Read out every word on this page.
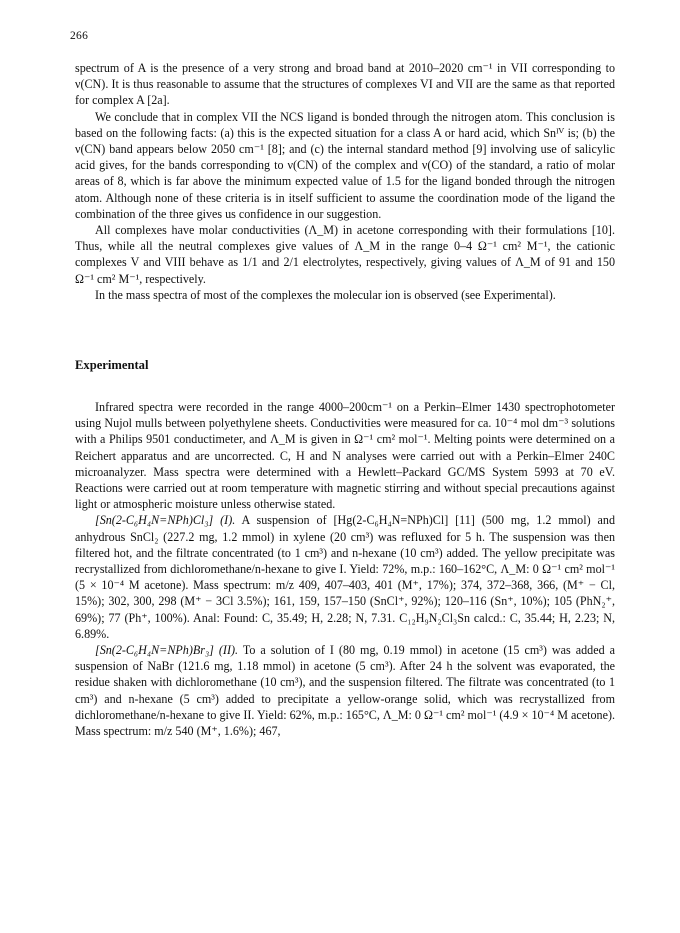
266

spectrum of A is the presence of a very strong and broad band at 2010–2020 cm⁻¹ in VII corresponding to ν(CN). It is thus reasonable to assume that the structures of complexes VI and VII are the same as that reported for complex A [2a].

We conclude that in complex VII the NCS ligand is bonded through the nitrogen atom. This conclusion is based on the following facts: (a) this is the expected situation for a class A or hard acid, which Snᴵⱽ is; (b) the ν(CN) band appears below 2050 cm⁻¹ [8]; and (c) the internal standard method [9] involving use of salicylic acid gives, for the bands corresponding to ν(CN) of the complex and ν(CO) of the standard, a ratio of molar areas of 8, which is far above the minimum expected value of 1.5 for the ligand bonded through the nitrogen atom. Although none of these criteria is in itself sufficient to assume the coordination mode of the ligand the combination of the three gives us confidence in our suggestion.

All complexes have molar conductivities (Λ_M) in acetone corresponding with their formulations [10]. Thus, while all the neutral complexes give values of Λ_M in the range 0–4 Ω⁻¹ cm² M⁻¹, the cationic complexes V and VIII behave as 1/1 and 2/1 electrolytes, respectively, giving values of Λ_M of 91 and 150 Ω⁻¹ cm² M⁻¹, respectively.

In the mass spectra of most of the complexes the molecular ion is observed (see Experimental).

Experimental

Infrared spectra were recorded in the range 4000–200cm⁻¹ on a Perkin–Elmer 1430 spectrophotometer using Nujol mulls between polyethylene sheets. Conductivities were measured for ca. 10⁻⁴ mol dm⁻³ solutions with a Philips 9501 conductimeter, and Λ_M is given in Ω⁻¹ cm² mol⁻¹. Melting points were determined on a Reichert apparatus and are uncorrected. C, H and N analyses were carried out with a Perkin–Elmer 240C microanalyzer. Mass spectra were determined with a Hewlett–Packard GC/MS System 5993 at 70 eV. Reactions were carried out at room temperature with magnetic stirring and without special precautions against light or atmospheric moisture unless otherwise stated.

[Sn(2-C₆H₄N=NPh)Cl₃] (I). A suspension of [Hg(2-C₆H₄N=NPh)Cl] [11] (500 mg, 1.2 mmol) and anhydrous SnCl₂ (227.2 mg, 1.2 mmol) in xylene (20 cm³) was refluxed for 5 h. The suspension was then filtered hot, and the filtrate concentrated (to 1 cm³) and n-hexane (10 cm³) added. The yellow precipitate was recrystallized from dichloromethane/n-hexane to give I. Yield: 72%, m.p.: 160–162°C, Λ_M: 0 Ω⁻¹ cm² mol⁻¹ (5 × 10⁻⁴ M acetone). Mass spectrum: m/z 409, 407–403, 401 (M⁺, 17%); 374, 372–368, 366, (M⁺ − Cl, 15%); 302, 300, 298 (M⁺ − 3Cl 3.5%); 161, 159, 157–150 (SnCl⁺, 92%); 120–116 (Sn⁺, 10%); 105 (PhN₂⁺, 69%); 77 (Ph⁺, 100%). Anal: Found: C, 35.49; H, 2.28; N, 7.31. C₁₂H₉N₂Cl₃Sn calcd.: C, 35.44; H, 2.23; N, 6.89%.

[Sn(2-C₆H₄N=NPh)Br₃] (II). To a solution of I (80 mg, 0.19 mmol) in acetone (15 cm³) was added a suspension of NaBr (121.6 mg, 1.18 mmol) in acetone (5 cm³). After 24 h the solvent was evaporated, the residue shaken with dichloromethane (10 cm³), and the suspension filtered. The filtrate was concentrated (to 1 cm³) and n-hexane (5 cm³) added to precipitate a yellow-orange solid, which was recrystallized from dichloromethane/n-hexane to give II. Yield: 62%, m.p.: 165°C, Λ_M: 0 Ω⁻¹ cm² mol⁻¹ (4.9 × 10⁻⁴ M acetone). Mass spectrum: m/z 540 (M⁺, 1.6%); 467,
